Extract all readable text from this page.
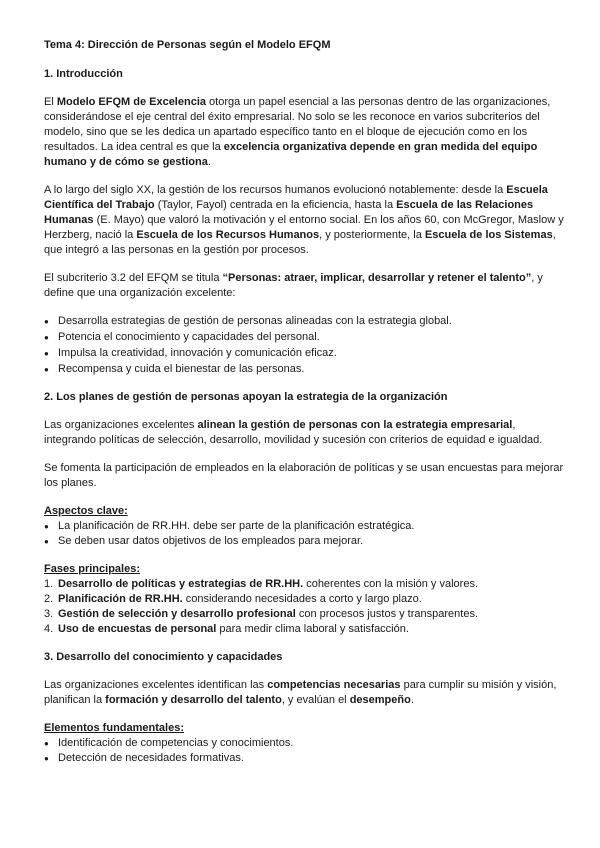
Tema 4: Dirección de Personas según el Modelo EFQM
1. Introducción

El Modelo EFQM de Excelencia otorga un papel esencial a las personas dentro de las organizaciones, considerándose el eje central del éxito empresarial. No solo se les reconoce en varios subcriterios del modelo, sino que se les dedica un apartado específico tanto en el bloque de ejecución como en los resultados. La idea central es que la excelencia organizativa depende en gran medida del equipo humano y de cómo se gestiona.

A lo largo del siglo XX, la gestión de los recursos humanos evolucionó notablemente: desde la Escuela Científica del Trabajo (Taylor, Fayol) centrada en la eficiencia, hasta la Escuela de las Relaciones Humanas (E. Mayo) que valoró la motivación y el entorno social. En los años 60, con McGregor, Maslow y Herzberg, nació la Escuela de los Recursos Humanos, y posteriormente, la Escuela de los Sistemas, que integró a las personas en la gestión por procesos.

El subcriterio 3.2 del EFQM se titula “Personas: atraer, implicar, desarrollar y retener el talento”, y define que una organización excelente:

● Desarrolla estrategias de gestión de personas alineadas con la estrategia global.
● Potencia el conocimiento y capacidades del personal.
● Impulsa la creatividad, innovación y comunicación eficaz.
● Recompensa y cuida el bienestar de las personas.
2. Los planes de gestión de personas apoyan la estrategia de la organización

Las organizaciones excelentes alinean la gestión de personas con la estrategia empresarial, integrando políticas de selección, desarrollo, movilidad y sucesión con criterios de equidad e igualdad.

Se fomenta la participación de empleados en la elaboración de políticas y se usan encuestas para mejorar los planes.

Aspectos clave:
● La planificación de RR.HH. debe ser parte de la planificación estratégica.
● Se deben usar datos objetivos de los empleados para mejorar.
Fases principales:
1. Desarrollo de políticas y estrategias de RR.HH. coherentes con la misión y valores.
2. Planificación de RR.HH. considerando necesidades a corto y largo plazo.
3. Gestión de selección y desarrollo profesional con procesos justos y transparentes.
4. Uso de encuestas de personal para medir clima laboral y satisfacción.
3. Desarrollo del conocimiento y capacidades

Las organizaciones excelentes identifican las competencias necesarias para cumplir su misión y visión, planifican la formación y desarrollo del talento, y evalúan el desempeño.

Elementos fundamentales:
● Identificación de competencias y conocimientos.
● Detección de necesidades formativas.
